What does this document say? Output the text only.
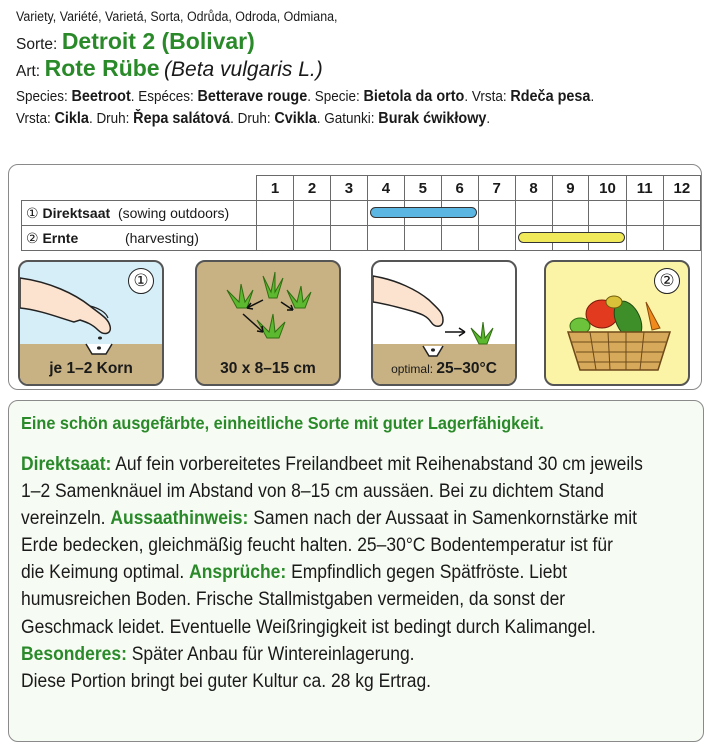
Variety, Variété, Varietá, Sorta, Odrůda, Odroda, Odmiana,
Sorte: Detroit 2 (Bolivar)
Art: Rote Rübe (Beta vulgaris L.)
Species: Beetroot. Espéces: Betterave rouge. Specie: Bietola da orto. Vrsta: Rdeča pesa.
Vrsta: Cikla. Druh: Řepa salátová. Druh: Cvikla. Gatunki: Burak ćwikłowy.
	1	2	3	4	5	6	7	8	9	10	11	12
① Direktsaat (sowing outdoors)												
② Ernte (harvesting)												
①
je 1–2 Korn	30 x 8–15 cm	optimal: 25–30°C
②
Eine schön ausgefärbte, einheitliche Sorte mit guter Lagerfähigkeit.
Direktsaat: Auf fein vorbereitetes Freilandbeet mit Reihenabstand 30 cm jeweils
1–2 Samenknäuel im Abstand von 8–15 cm aussäen. Bei zu dichtem Stand
vereinzeln. Aussaathinweis: Samen nach der Aussaat in Samenkornstärke mit
Erde bedecken, gleichmäßig feucht halten. 25–30°C Bodentemperatur ist für
die Keimung optimal. Ansprüche: Empfindlich gegen Spätfröste. Liebt
humusreichen Boden. Frische Stallmistgaben vermeiden, da sonst der
Geschmack leidet. Eventuelle Weißringigkeit ist bedingt durch Kalimangel.
Besonderes: Später Anbau für Wintereinlagerung.
Diese Portion bringt bei guter Kultur ca. 28 kg Ertrag.
